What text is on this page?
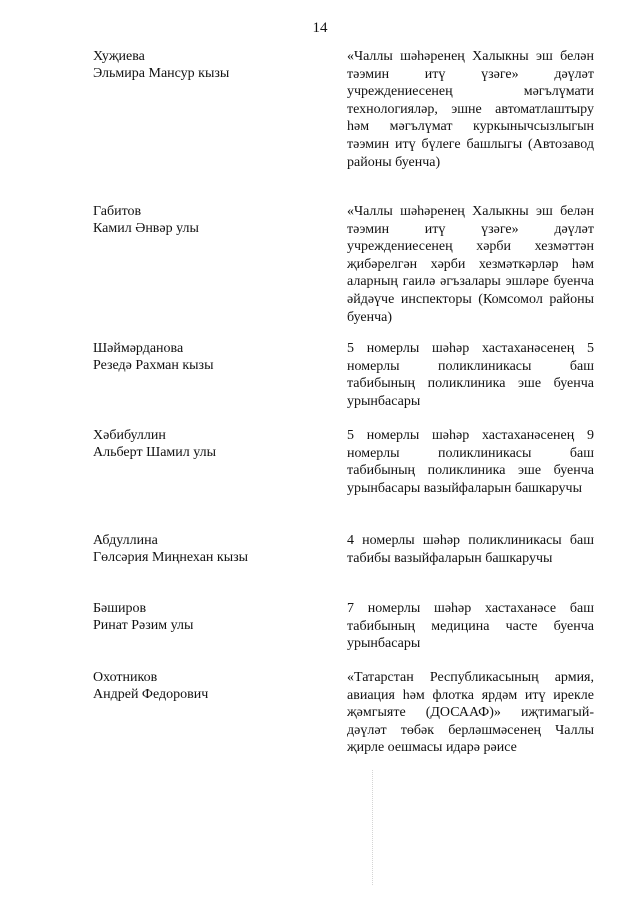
14

Хуҗиева
Эльмира Мансур кызы

«Чаллы шәһәренең Халыкны эш белән тәэмин итү үзәге» дәүләт учреждениесенең мәгълүмати технологияләр, эшне автоматлаштыру һәм мәгълүмат куркынычсызлыгын тәэмин итү бүлеге башлыгы (Автозавод районы буенча)

Габитов
Камил Әнвәр улы

«Чаллы шәһәренең Халыкны эш белән тәэмин итү үзәге» дәүләт учреждениесенең хәрби хезмәттән җибәрелгән хәрби хезмәткәрләр һәм аларның гаилә әгъзалары эшләре буенча әйдәүче инспекторы (Комсомол районы буенча)

Шәймәрданова
Резедә Рахман кызы

5 номерлы шәһәр хастаханәсенең 5 номерлы поликлиникасы баш табибының поликлиника эше буенча урынбасары

Хәбибуллин
Альберт Шамил улы

5 номерлы шәһәр хастаханәсенең 9 номерлы поликлиникасы баш табибының поликлиника эше буенча урынбасары вазыйфаларын башкаручы

Абдуллина
Гөлсәрия Миңнехан кызы

4 номерлы шәһәр поликлиникасы баш табибы вазыйфаларын башкаручы

Бәширов
Ринат Рәзим улы

7 номерлы шәһәр хастаханәсе баш табибының медицина часте буенча урынбасары

Охотников
Андрей Федорович

«Татарстан Республикасының армия, авиация һәм флотка ярдәм итү ирекле җәмгыяте (ДОСААФ)» иҗтимагый-дәүләт төбәк берләшмәсенең Чаллы җирле оешмасы идарә рәисе
